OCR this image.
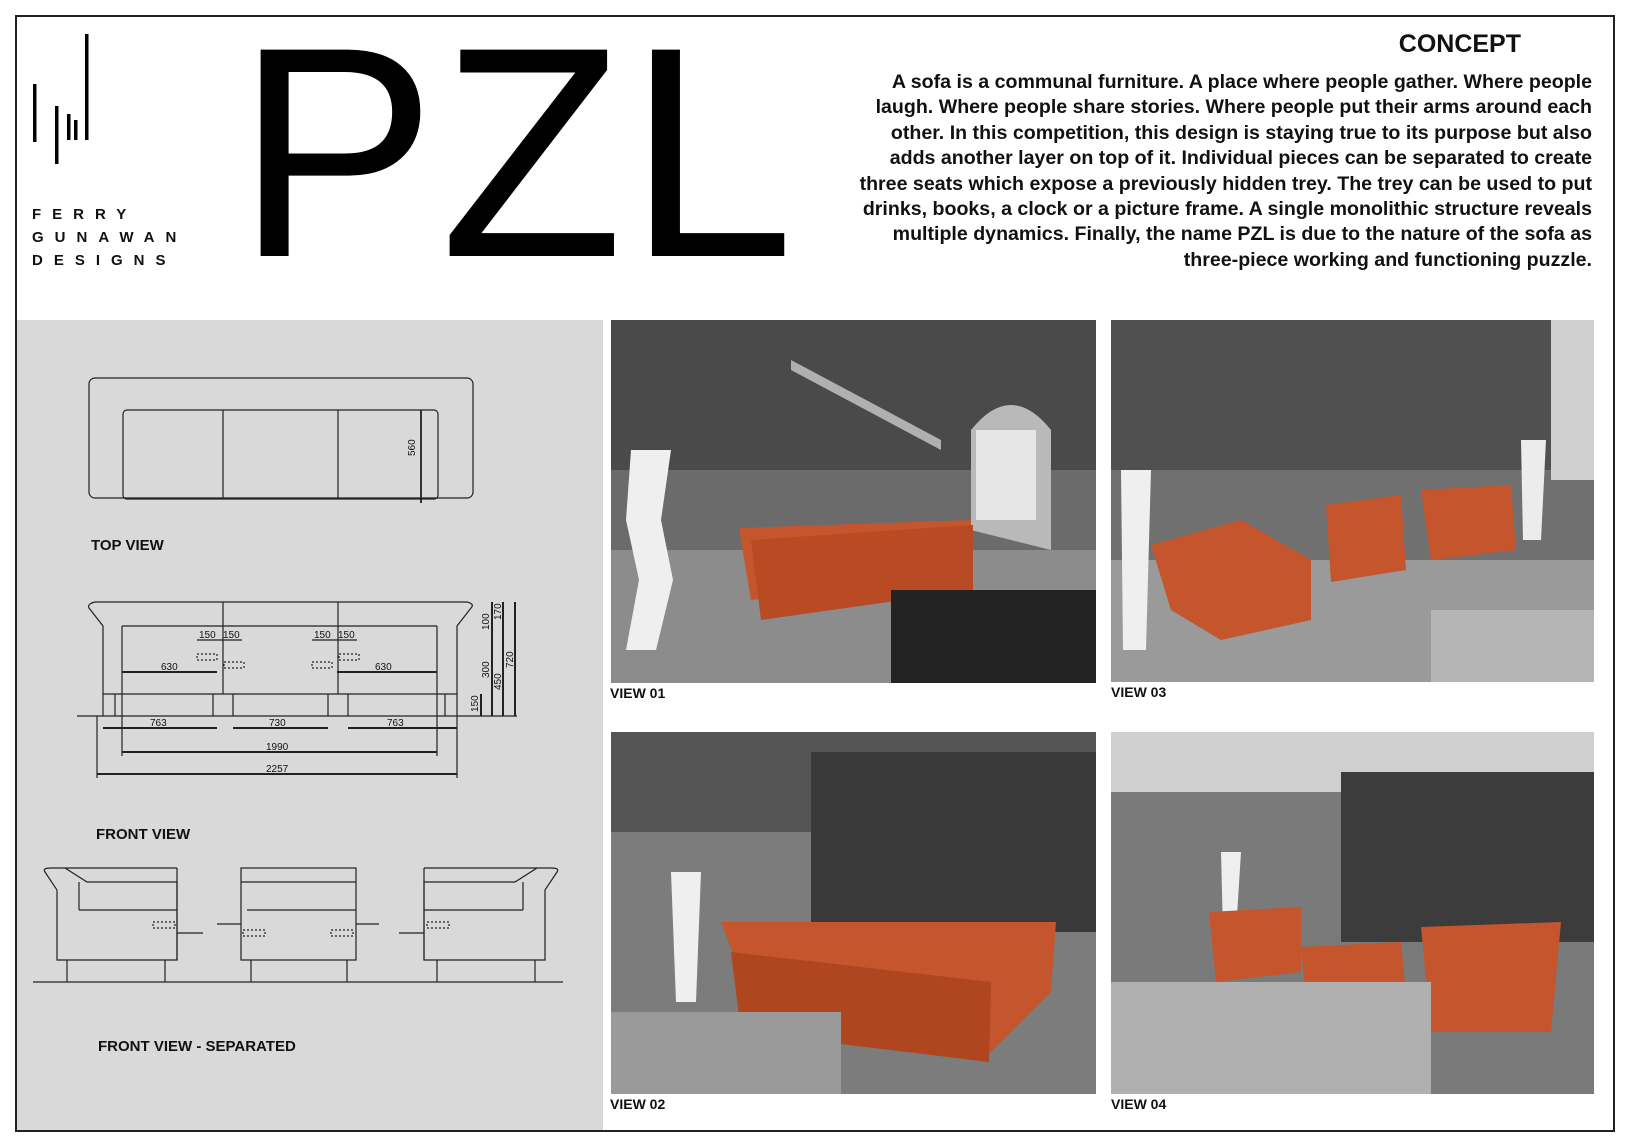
FERRY
GUNAWAN
DESIGNS PZL	CONCEPT
A sofa is a communal furniture. A place where people gather. Where people laugh. Where people share stories. Where people put their arms around each other. In this competition, this design is staying true to its purpose but also adds another layer on top of it. Individual pieces can be separated to create three seats which expose a previously hidden trey. The trey can be used to put drinks, books, a clock or a picture frame. A single monolithic structure reveals multiple dynamics. Finally, the name PZL is due to the nature of the sofa as three-piece working and functioning puzzle.
560
150 150	150 150
630	630
763	730	763
1990
2257
100
170
300
450
720
150
TOP VIEW
FRONT VIEW
FRONT VIEW - SEPARATED
VIEW 01	VIEW 03
VIEW 02	VIEW 04
